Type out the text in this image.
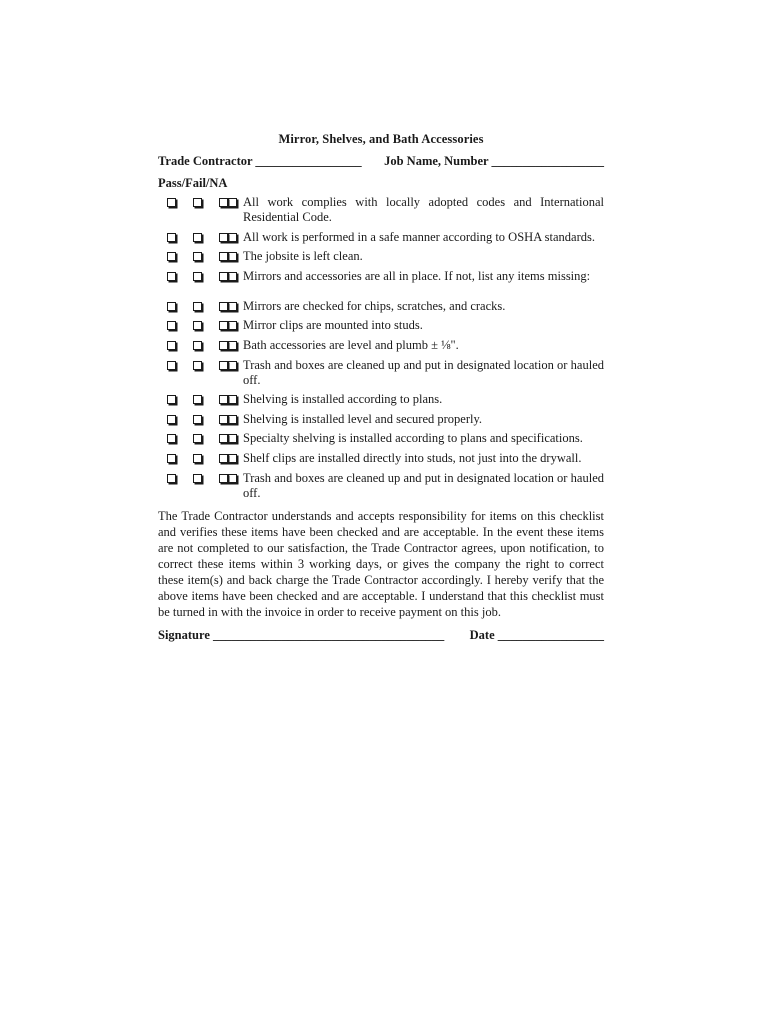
Mirror, Shelves, and Bath Accessories
Trade Contractor _________________ Job Name, Number __________________
Pass/Fail/NA
All work complies with locally adopted codes and International Residential Code.
All work is performed in a safe manner according to OSHA standards.
The jobsite is left clean.
Mirrors and accessories are all in place. If not, list any items missing:
Mirrors are checked for chips, scratches, and cracks.
Mirror clips are mounted into studs.
Bath accessories are level and plumb ± ⅛".
Trash and boxes are cleaned up and put in designated location or hauled off.
Shelving is installed according to plans.
Shelving is installed level and secured properly.
Specialty shelving is installed according to plans and specifications.
Shelf clips are installed directly into studs, not just into the drywall.
Trash and boxes are cleaned up and put in designated location or hauled off.
The Trade Contractor understands and accepts responsibility for items on this checklist and verifies these items have been checked and are acceptable. In the event these items are not completed to our satisfaction, the Trade Contractor agrees, upon notification, to correct these items within 3 working days, or gives the company the right to correct these item(s) and back charge the Trade Contractor accordingly. I hereby verify that the above items have been checked and are acceptable. I understand that this checklist must be turned in with the invoice in order to receive payment on this job.
Signature _____________________________________ Date _________________
